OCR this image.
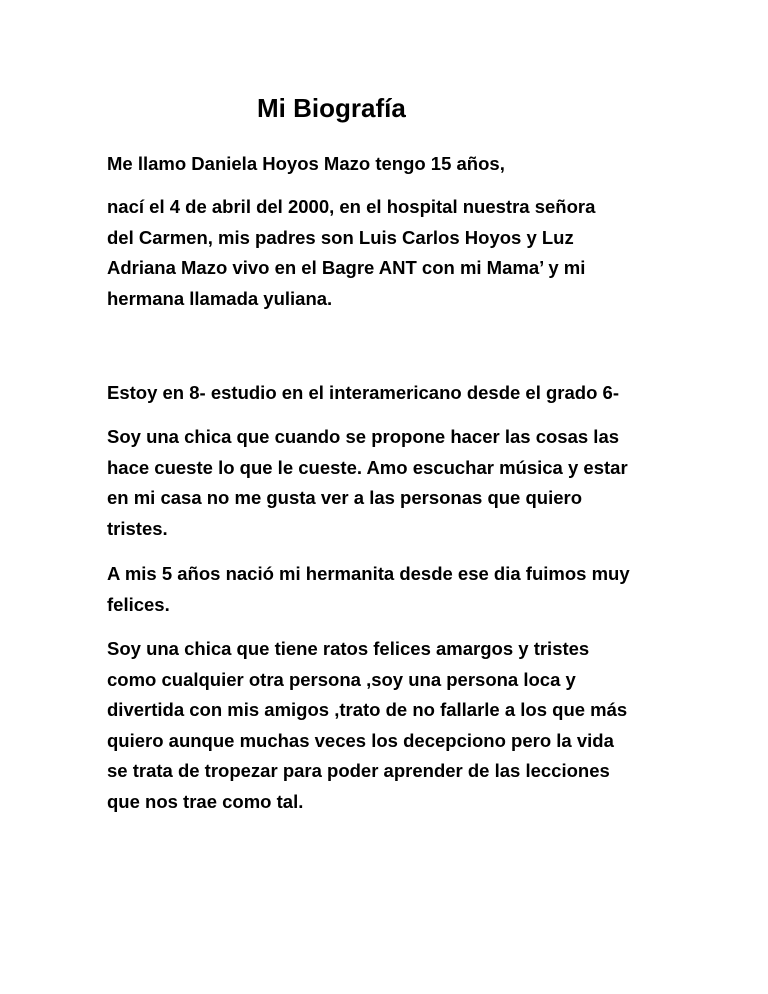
Mi Biografía

Me llamo Daniela Hoyos Mazo tengo 15 años,

nací el 4 de abril del 2000, en el hospital nuestra señora
del Carmen, mis padres son Luis Carlos Hoyos y Luz
Adriana Mazo vivo en el Bagre ANT con mi Mama’ y mi
hermana llamada yuliana.

Estoy en 8- estudio en el interamericano desde el grado 6-

Soy una chica que cuando se propone hacer las cosas las
hace cueste lo que le cueste. Amo escuchar música y estar
en mi casa no me gusta ver a las personas que quiero
tristes.

A mis 5 años nació mi hermanita desde ese dia fuimos muy
felices.

Soy una chica que tiene ratos felices amargos y tristes
como cualquier otra persona ,soy una persona loca y
divertida con mis amigos ,trato de no fallarle a los que más
quiero aunque muchas veces los decepciono pero la vida
se trata de tropezar para poder aprender de las lecciones
que nos trae como tal.
